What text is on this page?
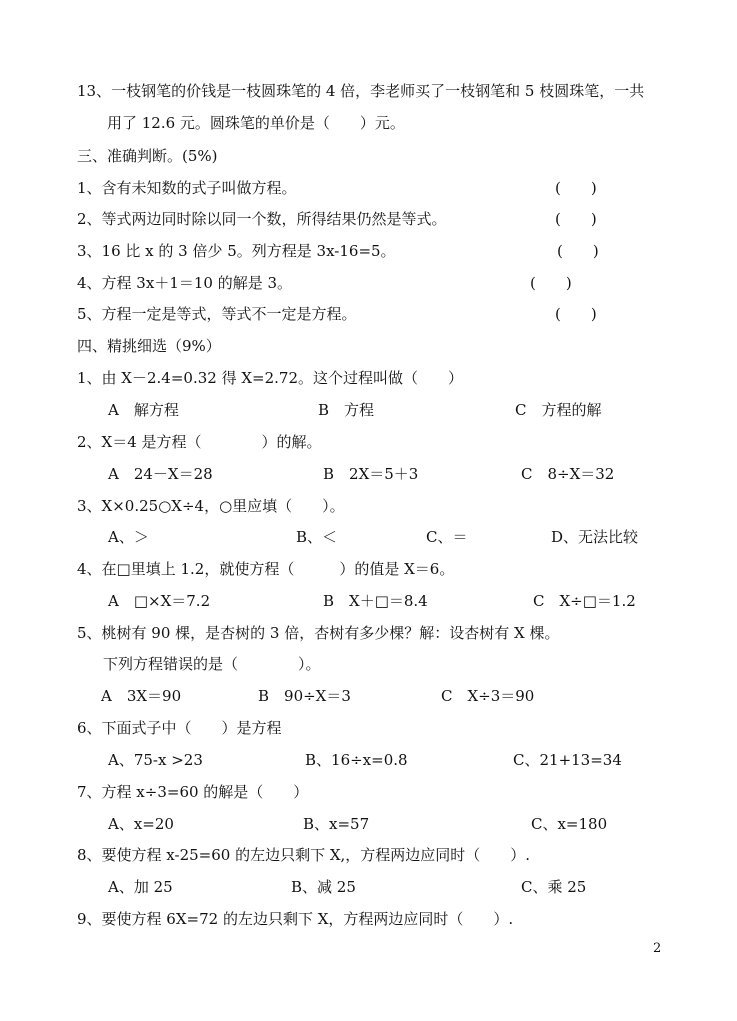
13、一枝钢笔的价钱是一枝圆珠笔的 4 倍，李老师买了一枝钢笔和 5 枝圆珠笔，一共
用了 12.6 元。圆珠笔的单价是（　　）元。
三、准确判断。(5%)
1、含有未知数的式子叫做方程。	(　　)
2、等式两边同时除以同一个数，所得结果仍然是等式。	(　　)
3、16 比 x 的 3 倍少 5。列方程是 3x-16=5。	(　　)
4、方程 3x＋1＝10 的解是 3。	(　　)
5、方程一定是等式，等式不一定是方程。	(　　)
四、精挑细选（9%）
1、由 X－2.4=0.32 得 X=2.72。这个过程叫做（　　）
A　解方程	B　方程	C　方程的解
2、X＝4 是方程（　　　　）的解。
A　24－X＝28	B　2X＝5＋3	C　8÷X＝32
3、X×0.25○X÷4，○里应填（　　）。
A、＞	B、＜	C、＝	D、无法比较
4、在□里填上 1.2，就使方程（　　　）的值是 X＝6。
A　□×X＝7.2	B　X＋□＝8.4	C　X÷□＝1.2
5、桃树有 90 棵，是杏树的 3 倍，杏树有多少棵？解：设杏树有 X 棵。
下列方程错误的是（　　　　）。
A　3X＝90	B　90÷X＝3	C　X÷3＝90
6、下面式子中（　　）是方程
A、75-x >23	B、16÷x=0.8	C、21+13=34
7、方程 x÷3=60 的解是（　　）
A、x=20	B、x=57	C、x=180
8、要使方程 x-25=60 的左边只剩下 X,，方程两边应同时（　　）.
A、加 25	B、减 25	C、乘 25
9、要使方程 6X=72 的左边只剩下 X，方程两边应同时（　　）.
2
